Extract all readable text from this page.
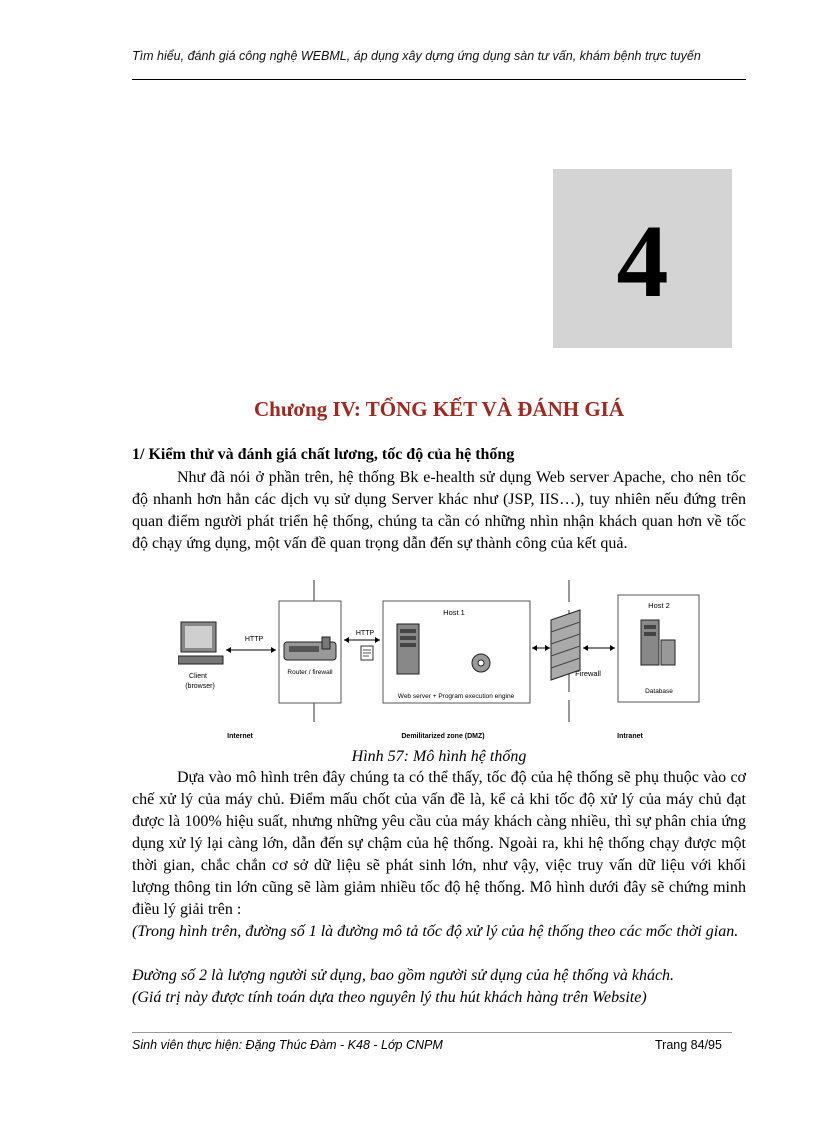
Tìm hiểu, đánh giá công nghệ WEBML, áp dụng xây dựng ứng dụng sàn tư vấn, khám bệnh trực tuyến
4
Chương IV: TỔNG KẾT VÀ ĐÁNH GIÁ
1/ Kiểm thử và đánh giá chất lương, tốc độ của hệ thống

Như đã nói ở phần trên, hệ thống Bk e-health sử dụng Web server Apache, cho nên tốc độ nhanh hơn hẳn các dịch vụ sử dụng Server khác như (JSP, IIS…), tuy nhiên nếu đứng trên quan điểm người phát triển hệ thống, chúng ta cần có những nhìn nhận khách quan hơn về tốc độ chạy ứng dụng, một vấn đề quan trọng dẫn đến sự thành công của kết quả.

Client
(browser)
HTTP
Router / firewall
HTTP
Host 1
Web server + Program execution engine
Firewall
Host 2
Database
Internet	Demilitarized zone (DMZ)	Intranet
Hình 57: Mô hình hệ thống

Dựa vào mô hình trên đây chúng ta có thể thấy, tốc độ của hệ thống sẽ phụ thuộc vào cơ chế xử lý của máy chủ. Điểm mấu chốt của vấn đề là, kể cả khi tốc độ xử lý của máy chủ đạt được là 100% hiệu suất, nhưng những yêu cầu của máy khách càng nhiều, thì sự phân chia ứng dụng xử lý lại càng lớn, dẫn đến sự chậm của hệ thống. Ngoài ra, khi hệ thống chạy được một thời gian, chắc chắn cơ sở dữ liệu sẽ phát sinh lớn, như vậy, việc truy vấn dữ liệu với khối lượng thông tin lớn cũng sẽ làm giảm nhiều tốc độ hệ thống. Mô hình dưới đây sẽ chứng minh điều lý giải trên :

(Trong hình trên, đường số 1 là đường mô tả tốc độ xử lý của hệ thống theo các mốc thời gian.
Đường số 2 là lượng người sử dụng, bao gồm người sử dụng của hệ thống và khách.
(Giá trị này được tính toán dựa theo nguyên lý thu hút khách hàng trên Website)
Sinh viên thực hiện: Đặng Thúc Đàm - K48 - Lớp CNPM	Trang 84/95
